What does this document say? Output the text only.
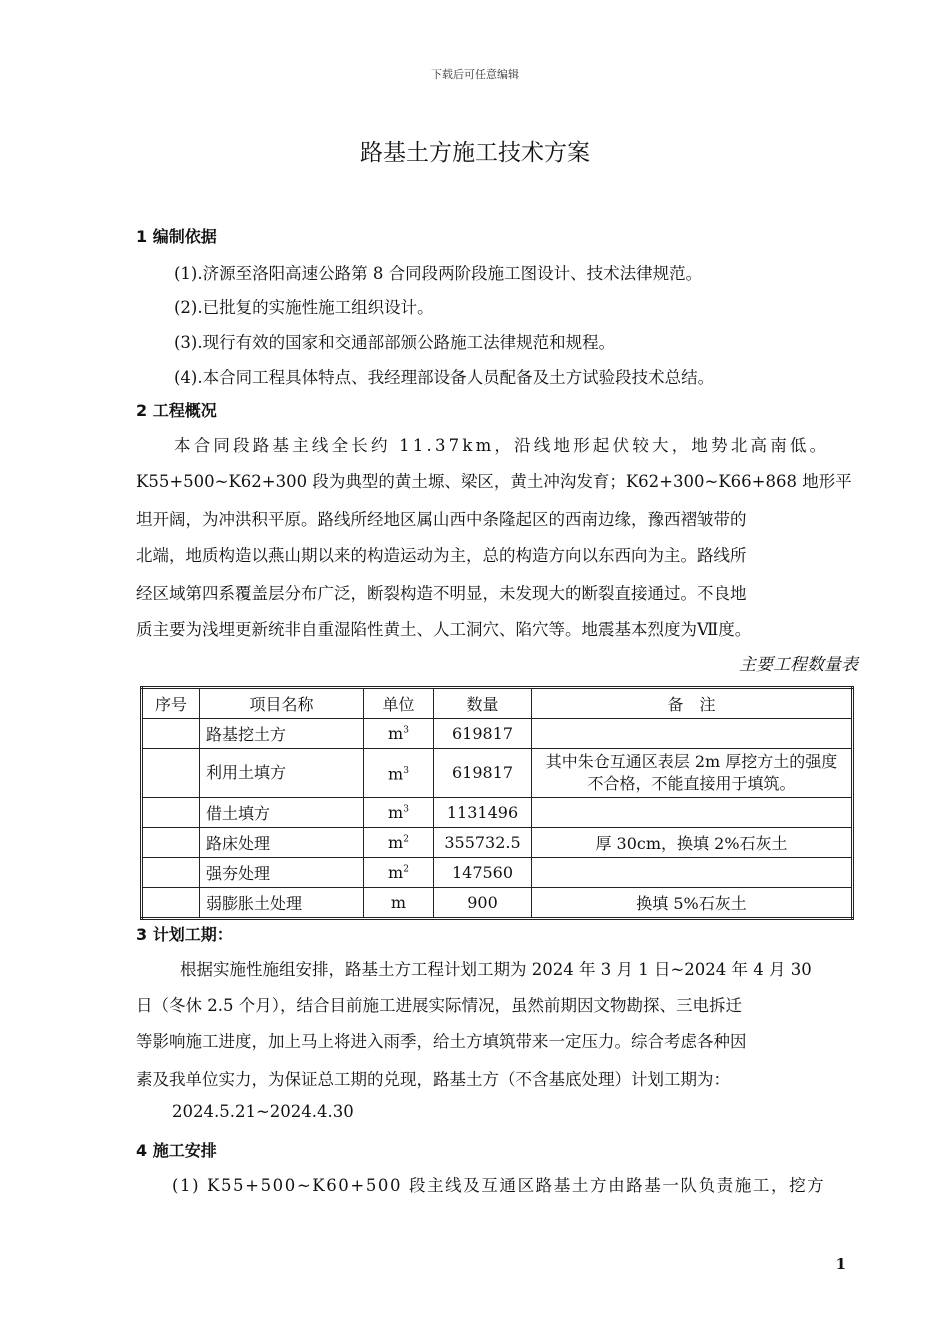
下载后可任意编辑
路基土方施工技术方案
1 编制依据
(1).济源至洛阳高速公路第 8 合同段两阶段施工图设计、技术法律规范。
(2).已批复的实施性施工组织设计。
(3).现行有效的国家和交通部部颁公路施工法律规范和规程。
(4).本合同工程具体特点、我经理部设备人员配备及土方试验段技术总结。
2 工程概况
本合同段路基主线全长约 11.37km，沿线地形起伏较大，地势北高南低。
K55+500~K62+300 段为典型的黄土塬、梁区，黄土冲沟发育；K62+300~K66+868 地形平
坦开阔，为冲洪积平原。路线所经地区属山西中条隆起区的西南边缘，豫西褶皱带的
北端，地质构造以燕山期以来的构造运动为主，总的构造方向以东西向为主。路线所
经区域第四系覆盖层分布广泛，断裂构造不明显，未发现大的断裂直接通过。不良地
质主要为浅埋更新统非自重湿陷性黄土、人工洞穴、陷穴等。地震基本烈度为Ⅶ度。
主要工程数量表
序号	项目名称	单位	数量	备　注
	路基挖土方	$m^3$	619817	
	利用土填方	$m^3$	619817	其中朱仓互通区表层 2m 厚挖方土的强度不合格，不能直接用于填筑。
	借土填方	$m^3$	1131496	
	路床处理	$m^2$	355732.5	厚 30cm，换填 2%石灰土
	强夯处理	$m^2$	147560	
	弱膨胀土处理	m	900	换填 5%石灰土
3 计划工期：
根据实施性施组安排，路基土方工程计划工期为 2024 年 3 月 1 日~2024 年 4 月 30
日（冬休 2.5 个月），结合目前施工进展实际情况，虽然前期因文物勘探、三电拆迁
等影响施工进度，加上马上将进入雨季，给土方填筑带来一定压力。综合考虑各种因
素及我单位实力，为保证总工期的兑现，路基土方（不含基底处理）计划工期为：
2024.5.21~2024.4.30
4 施工安排
(1) K55+500~K60+500 段主线及互通区路基土方由路基一队负责施工，挖方
1
